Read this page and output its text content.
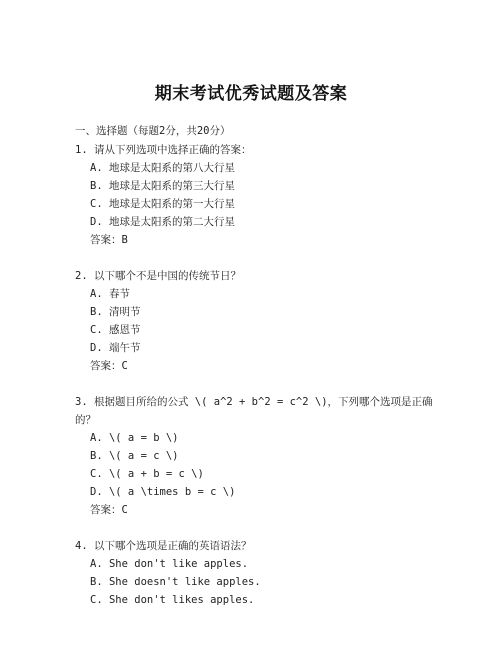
期末考试优秀试题及答案
一、选择题（每题2分，共20分）
1. 请从下列选项中选择正确的答案：
A. 地球是太阳系的第八大行星
B. 地球是太阳系的第三大行星
C. 地球是太阳系的第一大行星
D. 地球是太阳系的第二大行星
答案：B
2. 以下哪个不是中国的传统节日？
A. 春节
B. 清明节
C. 感恩节
D. 端午节
答案：C
3. 根据题目所给的公式 \( a^2 + b^2 = c^2 \)，下列哪个选项是正确的？
A. \( a = b \)
B. \( a = c \)
C. \( a + b = c \)
D. \( a \times b = c \)
答案：C
4. 以下哪个选项是正确的英语语法？
A. She don't like apples.
B. She doesn't like apples.
C. She don't likes apples.
